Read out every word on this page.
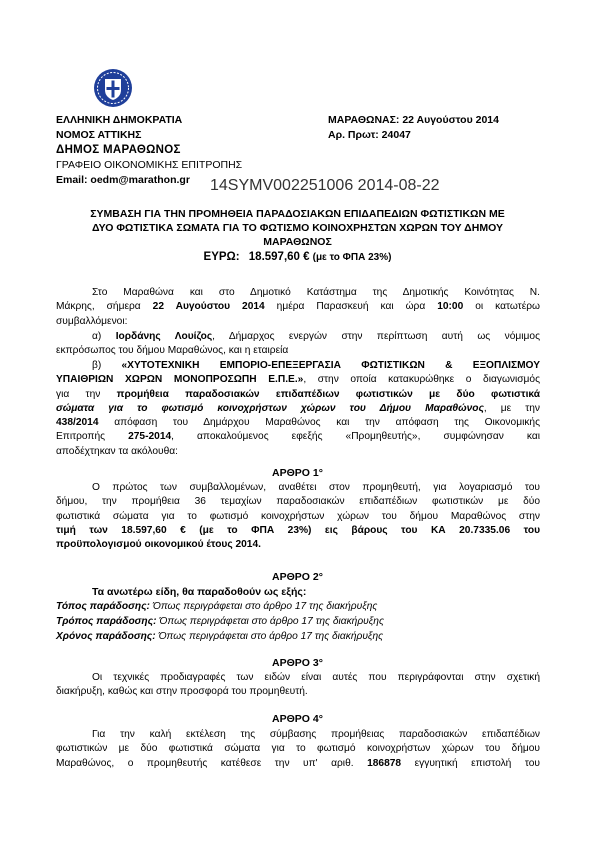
ΕΛΛΗΝΙΚΗ ΔΗΜΟΚΡΑΤΙΑ
ΝΟΜΟΣ ΑΤΤΙΚΗΣ
ΔΗΜΟΣ ΜΑΡΑΘΩΝΟΣ
ΓΡΑΦΕΙΟ ΟΙΚΟΝΟΜΙΚΗΣ ΕΠΙΤΡΟΠΗΣ
Email: oedm@marathon.gr
ΜΑΡΑΘΩΝΑΣ: 22 Αυγούστου 2014
Αρ. Πρωτ: 24047
14SYMV002251006 2014-08-22
ΣΥΜΒΑΣΗ ΓΙΑ ΤΗΝ ΠΡΟΜΗΘΕΙΑ ΠΑΡΑΔΟΣΙΑΚΩΝ ΕΠΙΔΑΠΕΔΙΩΝ ΦΩΤΙΣΤΙΚΩΝ ΜΕ
ΔΥΟ ΦΩΤΙΣΤΙΚΑ ΣΩΜΑΤΑ ΓΙΑ ΤΟ ΦΩΤΙΣΜΟ ΚΟΙΝΟΧΡΗΣΤΩΝ ΧΩΡΩΝ ΤΟΥ ΔΗΜΟΥ
ΜΑΡΑΘΩΝΟΣ
ΕΥΡΩ: 18.597,60 € (με το ΦΠΑ 23%)
Στο Μαραθώνα και στο Δημοτικό Κατάστημα της Δημοτικής Κοινότητας Ν.
Μάκρης, σήμερα 22 Αυγούστου 2014 ημέρα Παρασκευή και ώρα 10:00 οι κατωτέρω
συμβαλλόμενοι:
α) Ιορδάνης Λουίζος, Δήμαρχος ενεργών στην περίπτωση αυτή ως νόμιμος
εκπρόσωπος του δήμου Μαραθώνος, και η εταιρεία
β) «ΧΥΤΟΤΕΧΝΙΚΗ ΕΜΠΟΡΙΟ-ΕΠΕΞΕΡΓΑΣΙΑ ΦΩΤΙΣΤΙΚΩΝ & ΕΞΟΠΛΙΣΜΟΥ
ΥΠΑΙΘΡΙΩΝ ΧΩΡΩΝ ΜΟΝΟΠΡΟΣΩΠΗ Ε.Π.Ε.», στην οποία κατακυρώθηκε ο διαγωνισμός
για την προμήθεια παραδοσιακών επιδαπέδιων φωτιστικών με δύο φωτιστικά
σώματα για το φωτισμό κοινοχρήστων χώρων του Δήμου Μαραθώνος, με την
438/2014 απόφαση του Δημάρχου Μαραθώνος και την απόφαση της Οικονομικής
Επιτροπής 275-2014, αποκαλούμενος εφεξής «Προμηθευτής», συμφώνησαν και
αποδέχτηκαν τα ακόλουθα:
ΑΡΘΡΟ 1°
Ο πρώτος των συμβαλλομένων, αναθέτει στον προμηθευτή, για λογαριασμό του
δήμου, την προμήθεια 36 τεμαχίων παραδοσιακών επιδαπέδιων φωτιστικών με δύο
φωτιστικά σώματα για το φωτισμό κοινοχρήστων χώρων του δήμου Μαραθώνος στην
τιμή των 18.597,60 € (με το ΦΠΑ 23%) εις βάρους του ΚΑ 20.7335.06 του
προϋπολογισμού οικονομικού έτους 2014.
ΑΡΘΡΟ 2°
Τα ανωτέρω είδη, θα παραδοθούν ως εξής:
Τόπος παράδοσης: Όπως περιγράφεται στο άρθρο 17 της διακήρυξης
Τρόπος παράδοσης: Όπως περιγράφεται στο άρθρο 17 της διακήρυξης
Χρόνος παράδοσης: Όπως περιγράφεται στο άρθρο 17 της διακήρυξης
ΑΡΘΡΟ 3°
Οι τεχνικές προδιαγραφές των ειδών είναι αυτές που περιγράφονται στην σχετική
διακήρυξη, καθώς και στην προσφορά του προμηθευτή.
ΑΡΘΡΟ 4°
Για την καλή εκτέλεση της σύμβασης προμήθειας παραδοσιακών επιδαπέδιων
φωτιστικών με δύο φωτιστικά σώματα για το φωτισμό κοινοχρήστων χώρων του δήμου
Μαραθώνος, ο προμηθευτής κατέθεσε την υπ' αριθ. 186878 εγγυητική επιστολή του
